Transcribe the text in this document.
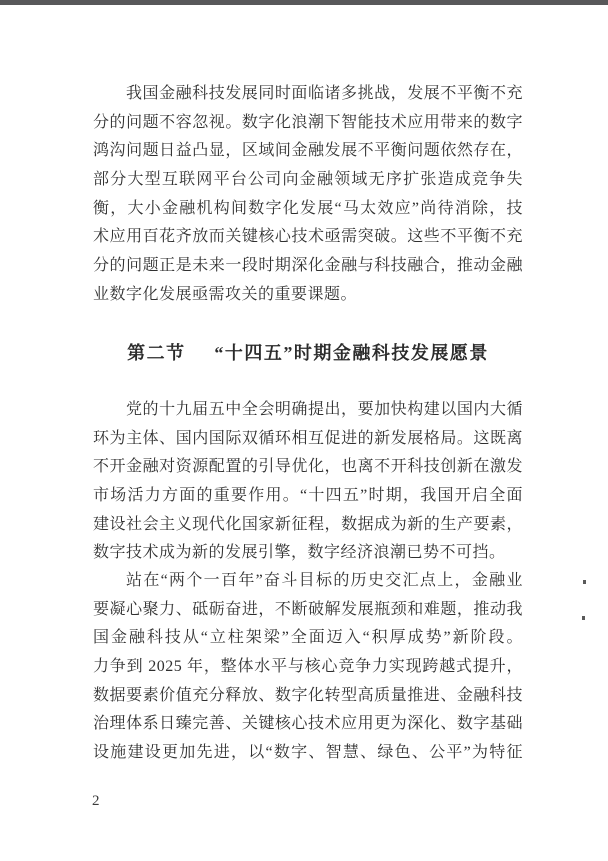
我国金融科技发展同时面临诸多挑战，发展不平衡不充
分的问题不容忽视。数字化浪潮下智能技术应用带来的数字
鸿沟问题日益凸显，区域间金融发展不平衡问题依然存在，
部分大型互联网平台公司向金融领域无序扩张造成竞争失
衡，大小金融机构间数字化发展“马太效应”尚待消除，技
术应用百花齐放而关键核心技术亟需突破。这些不平衡不充
分的问题正是未来一段时期深化金融与科技融合，推动金融
业数字化发展亟需攻关的重要课题。
第二节 “十四五”时期金融科技发展愿景
党的十九届五中全会明确提出，要加快构建以国内大循
环为主体、国内国际双循环相互促进的新发展格局。这既离
不开金融对资源配置的引导优化，也离不开科技创新在激发
市场活力方面的重要作用。“十四五”时期，我国开启全面
建设社会主义现代化国家新征程，数据成为新的生产要素，
数字技术成为新的发展引擎，数字经济浪潮已势不可挡。
站在“两个一百年”奋斗目标的历史交汇点上，金融业
要凝心聚力、砥砺奋进，不断破解发展瓶颈和难题，推动我
国金融科技从“立柱架梁”全面迈入“积厚成势”新阶段。
力争到 2025 年，整体水平与核心竞争力实现跨越式提升，
数据要素价值充分释放、数字化转型高质量推进、金融科技
治理体系日臻完善、关键核心技术应用更为深化、数字基础
设施建设更加先进，以“数字、智慧、绿色、公平”为特征
2
